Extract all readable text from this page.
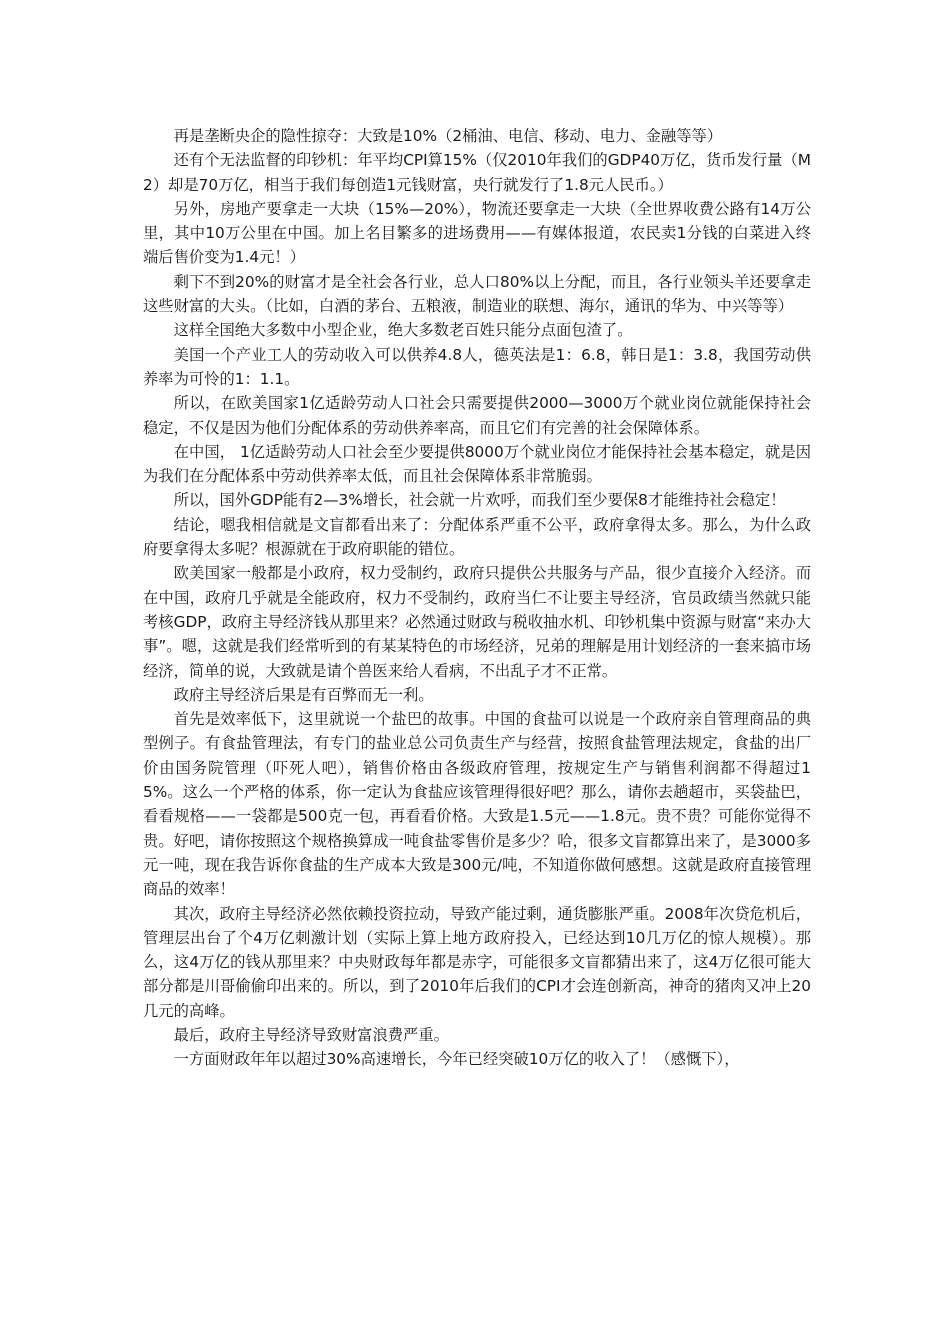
再是垄断央企的隐性掠夺：大致是10%（2桶油、电信、移动、电力、金融等等）

还有个无法监督的印钞机：年平均CPI算15%（仅2010年我们的GDP40万亿，货币发行量（M2）却是70万亿，相当于我们每创造1元钱财富，央行就发行了1.8元人民币。）

另外，房地产要拿走一大块（15%—20%），物流还要拿走一大块（全世界收费公路有14万公里，其中10万公里在中国。加上名目繁多的进场费用——有媒体报道，农民卖1分钱的白菜进入终端后售价变为1.4元！）

剩下不到20%的财富才是全社会各行业，总人口80%以上分配，而且，各行业领头羊还要拿走这些财富的大头。（比如，白酒的茅台、五粮液，制造业的联想、海尔，通讯的华为、中兴等等）

这样全国绝大多数中小型企业，绝大多数老百姓只能分点面包渣了。

美国一个产业工人的劳动收入可以供养4.8人，德英法是1：6.8，韩日是1：3.8，我国劳动供养率为可怜的1：1.1。

所以，在欧美国家1亿适龄劳动人口社会只需要提供2000—3000万个就业岗位就能保持社会稳定，不仅是因为他们分配体系的劳动供养率高，而且它们有完善的社会保障体系。

在中国， 1亿适龄劳动人口社会至少要提供8000万个就业岗位才能保持社会基本稳定，就是因为我们在分配体系中劳动供养率太低，而且社会保障体系非常脆弱。

所以，国外GDP能有2—3%增长，社会就一片欢呼，而我们至少要保8才能维持社会稳定！

结论，嗯我相信就是文盲都看出来了：分配体系严重不公平，政府拿得太多。那么，为什么政府要拿得太多呢？根源就在于政府职能的错位。

欧美国家一般都是小政府，权力受制约，政府只提供公共服务与产品，很少直接介入经济。而在中国，政府几乎就是全能政府，权力不受制约，政府当仁不让要主导经济，官员政绩当然就只能考核GDP，政府主导经济钱从那里来？必然通过财政与税收抽水机、印钞机集中资源与财富“来办大事”。嗯，这就是我们经常听到的有某某特色的市场经济，兄弟的理解是用计划经济的一套来搞市场经济，简单的说，大致就是请个兽医来给人看病，不出乱子才不正常。

政府主导经济后果是有百弊而无一利。

首先是效率低下，这里就说一个盐巴的故事。中国的食盐可以说是一个政府亲自管理商品的典型例子。有食盐管理法，有专门的盐业总公司负责生产与经营，按照食盐管理法规定，食盐的出厂价由国务院管理（吓死人吧），销售价格由各级政府管理，按规定生产与销售利润都不得超过15%。这么一个严格的体系，你一定认为食盐应该管理得很好吧？那么，请你去趟超市，买袋盐巴，看看规格——一袋都是500克一包，再看看价格。大致是1.5元——1.8元。贵不贵？可能你觉得不贵。好吧，请你按照这个规格换算成一吨食盐零售价是多少？哈，很多文盲都算出来了，是3000多元一吨，现在我告诉你食盐的生产成本大致是300元/吨，不知道你做何感想。这就是政府直接管理商品的效率！

其次，政府主导经济必然依赖投资拉动，导致产能过剩，通货膨胀严重。2008年次贷危机后，管理层出台了个4万亿刺激计划（实际上算上地方政府投入，已经达到10几万亿的惊人规模）。那么，这4万亿的钱从那里来？中央财政每年都是赤字，可能很多文盲都猜出来了，这4万亿很可能大部分都是川哥偷偷印出来的。所以，到了2010年后我们的CPI才会连创新高，神奇的猪肉又冲上20几元的高峰。

最后，政府主导经济导致财富浪费严重。

一方面财政年年以超过30%高速增长，今年已经突破10万亿的收入了！（感慨下），
